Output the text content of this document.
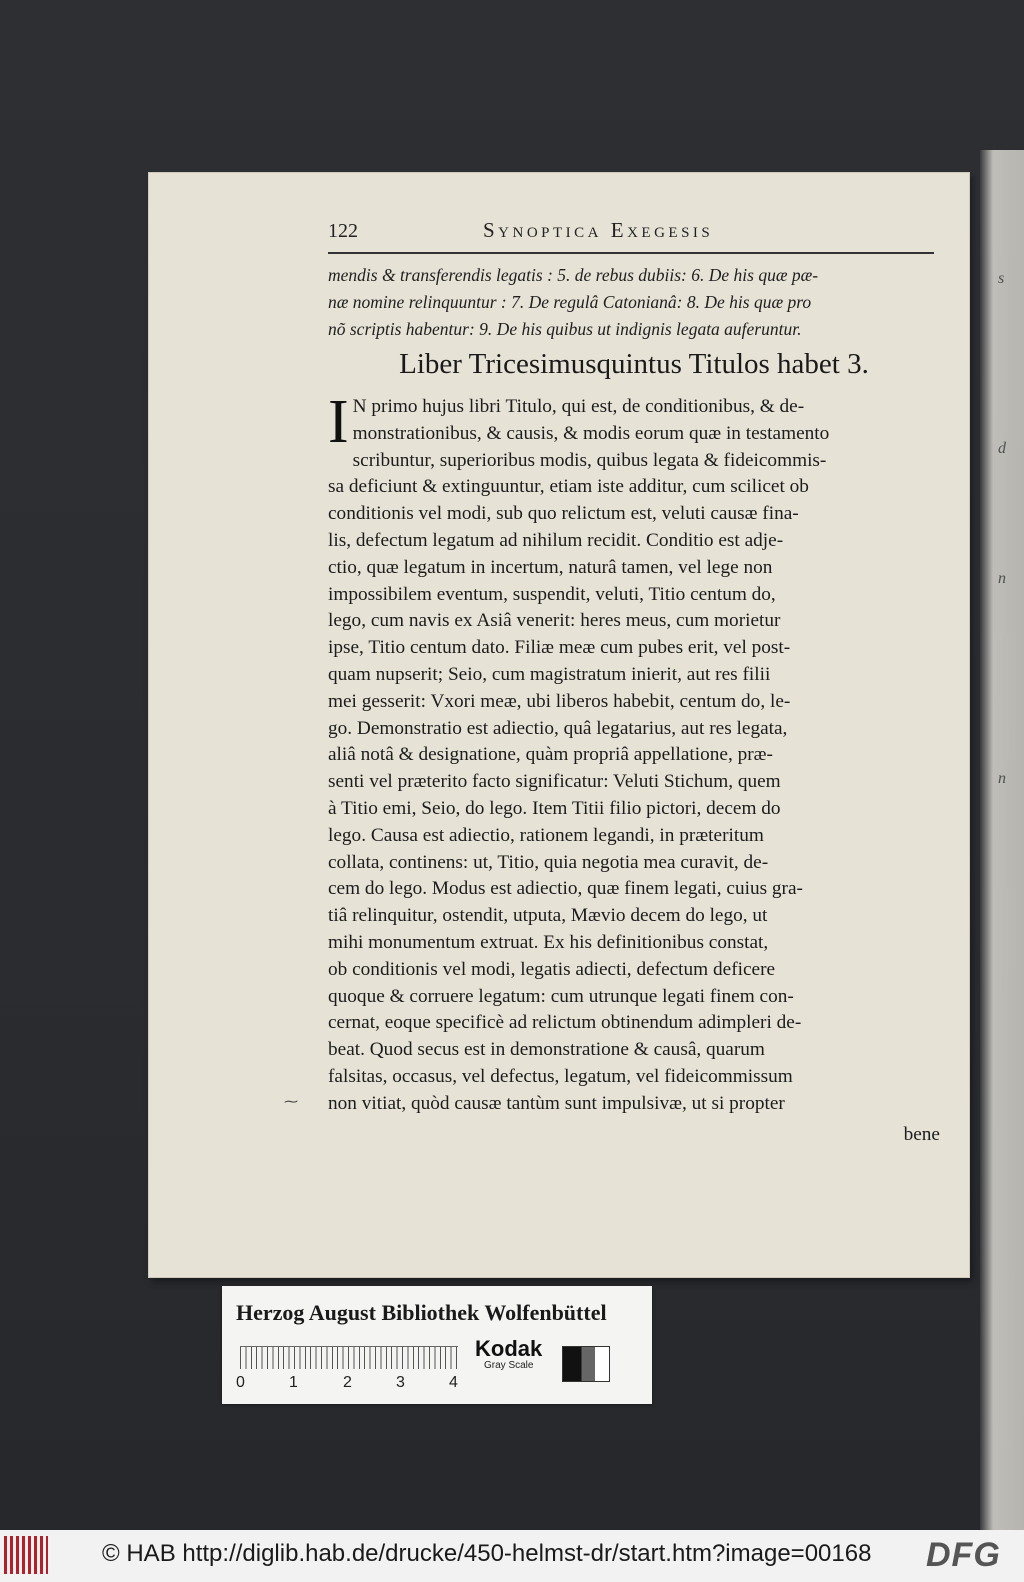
s
d
n
n
122	Synoptica Exegesis
mendis & transferendis legatis : 5. de rebus dubiis: 6. De his quæ pæ-
næ nomine relinquuntur : 7. De regulâ Catonianâ: 8. De his quæ pro
nõ scriptis habentur: 9. De his quibus ut indignis legata auferuntur.
Liber Tricesimusquintus Titulos habet 3.
I N primo hujus libri Titulo, qui est, de conditionibus, & de-
monstrationibus, & causis, & modis eorum quæ in testamento
scribuntur, superioribus modis, quibus legata & fideicommis-
sa deficiunt & extinguuntur, etiam iste additur, cum scilicet ob
conditionis vel modi, sub quo relictum est, veluti causæ fina-
lis, defectum legatum ad nihilum recidit. Conditio est adje-
ctio, quæ legatum in incertum, naturâ tamen, vel lege non
impossibilem eventum, suspendit, veluti, Titio centum do,
lego, cum navis ex Asiâ venerit: heres meus, cum morietur
ipse, Titio centum dato. Filiæ meæ cum pubes erit, vel post-
quam nupserit; Seio, cum magistratum inierit, aut res filii
mei gesserit: Vxori meæ, ubi liberos habebit, centum do, le-
go. Demonstratio est adiectio, quâ legatarius, aut res legata,
aliâ notâ & designatione, quàm propriâ appellatione, præ-
senti vel præterito facto significatur: Veluti Stichum, quem
à Titio emi, Seio, do lego. Item Titii filio pictori, decem do
lego. Causa est adiectio, rationem legandi, in præteritum
collata, continens: ut, Titio, quia negotia mea curavit, de-
cem do lego. Modus est adiectio, quæ finem legati, cuius gra-
tiâ relinquitur, ostendit, utputa, Mævio decem do lego, ut
mihi monumentum extruat. Ex his definitionibus constat,
ob conditionis vel modi, legatis adiecti, defectum deficere
quoque & corruere legatum: cum utrunque legati finem con-
cernat, eoque specificè ad relictum obtinendum adimpleri de-
beat. Quod secus est in demonstratione & causâ, quarum
falsitas, occasus, vel defectus, legatum, vel fideicommissum
non vitiat, quòd causæ tantùm sunt impulsivæ, ut si propter
⁓
bene
Herzog August Bibliothek Wolfenbüttel
0	1	2	3	4
Kodak
Gray Scale
© HAB http://diglib.hab.de/drucke/450-helmst-dr/start.htm?image=00168 DFG
